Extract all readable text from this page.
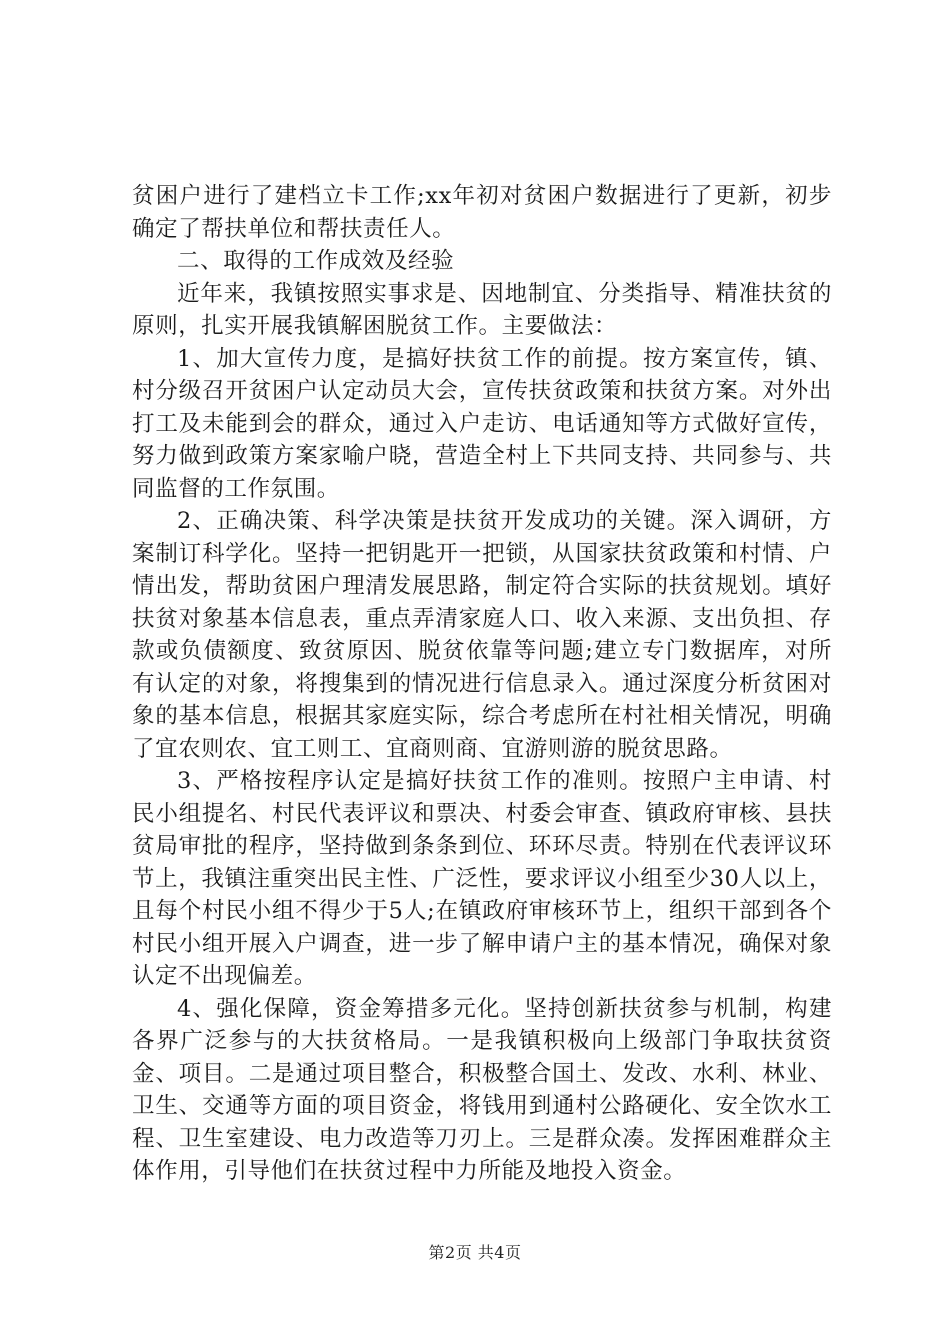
贫困户进行了建档立卡工作;xx年初对贫困户数据进行了更新，初步确定了帮扶单位和帮扶责任人。

二、取得的工作成效及经验

近年来，我镇按照实事求是、因地制宜、分类指导、精准扶贫的原则，扎实开展我镇解困脱贫工作。主要做法：

1、加大宣传力度，是搞好扶贫工作的前提。按方案宣传，镇、村分级召开贫困户认定动员大会，宣传扶贫政策和扶贫方案。对外出打工及未能到会的群众，通过入户走访、电话通知等方式做好宣传，努力做到政策方案家喻户晓，营造全村上下共同支持、共同参与、共同监督的工作氛围。

2、正确决策、科学决策是扶贫开发成功的关键。深入调研，方案制订科学化。坚持一把钥匙开一把锁，从国家扶贫政策和村情、户情出发，帮助贫困户理清发展思路，制定符合实际的扶贫规划。填好扶贫对象基本信息表，重点弄清家庭人口、收入来源、支出负担、存款或负债额度、致贫原因、脱贫依靠等问题;建立专门数据库，对所有认定的对象，将搜集到的情况进行信息录入。通过深度分析贫困对象的基本信息，根据其家庭实际，综合考虑所在村社相关情况，明确了宜农则农、宜工则工、宜商则商、宜游则游的脱贫思路。

3、严格按程序认定是搞好扶贫工作的准则。按照户主申请、村民小组提名、村民代表评议和票决、村委会审查、镇政府审核、县扶贫局审批的程序，坚持做到条条到位、环环尽责。特别在代表评议环节上，我镇注重突出民主性、广泛性，要求评议小组至少30人以上，且每个村民小组不得少于5人;在镇政府审核环节上，组织干部到各个村民小组开展入户调查，进一步了解申请户主的基本情况，确保对象认定不出现偏差。

4、强化保障，资金筹措多元化。坚持创新扶贫参与机制，构建各界广泛参与的大扶贫格局。一是我镇积极向上级部门争取扶贫资金、项目。二是通过项目整合，积极整合国土、发改、水利、林业、卫生、交通等方面的项目资金，将钱用到通村公路硬化、安全饮水工程、卫生室建设、电力改造等刀刃上。三是群众凑。发挥困难群众主体作用，引导他们在扶贫过程中力所能及地投入资金。

第2页 共4页
